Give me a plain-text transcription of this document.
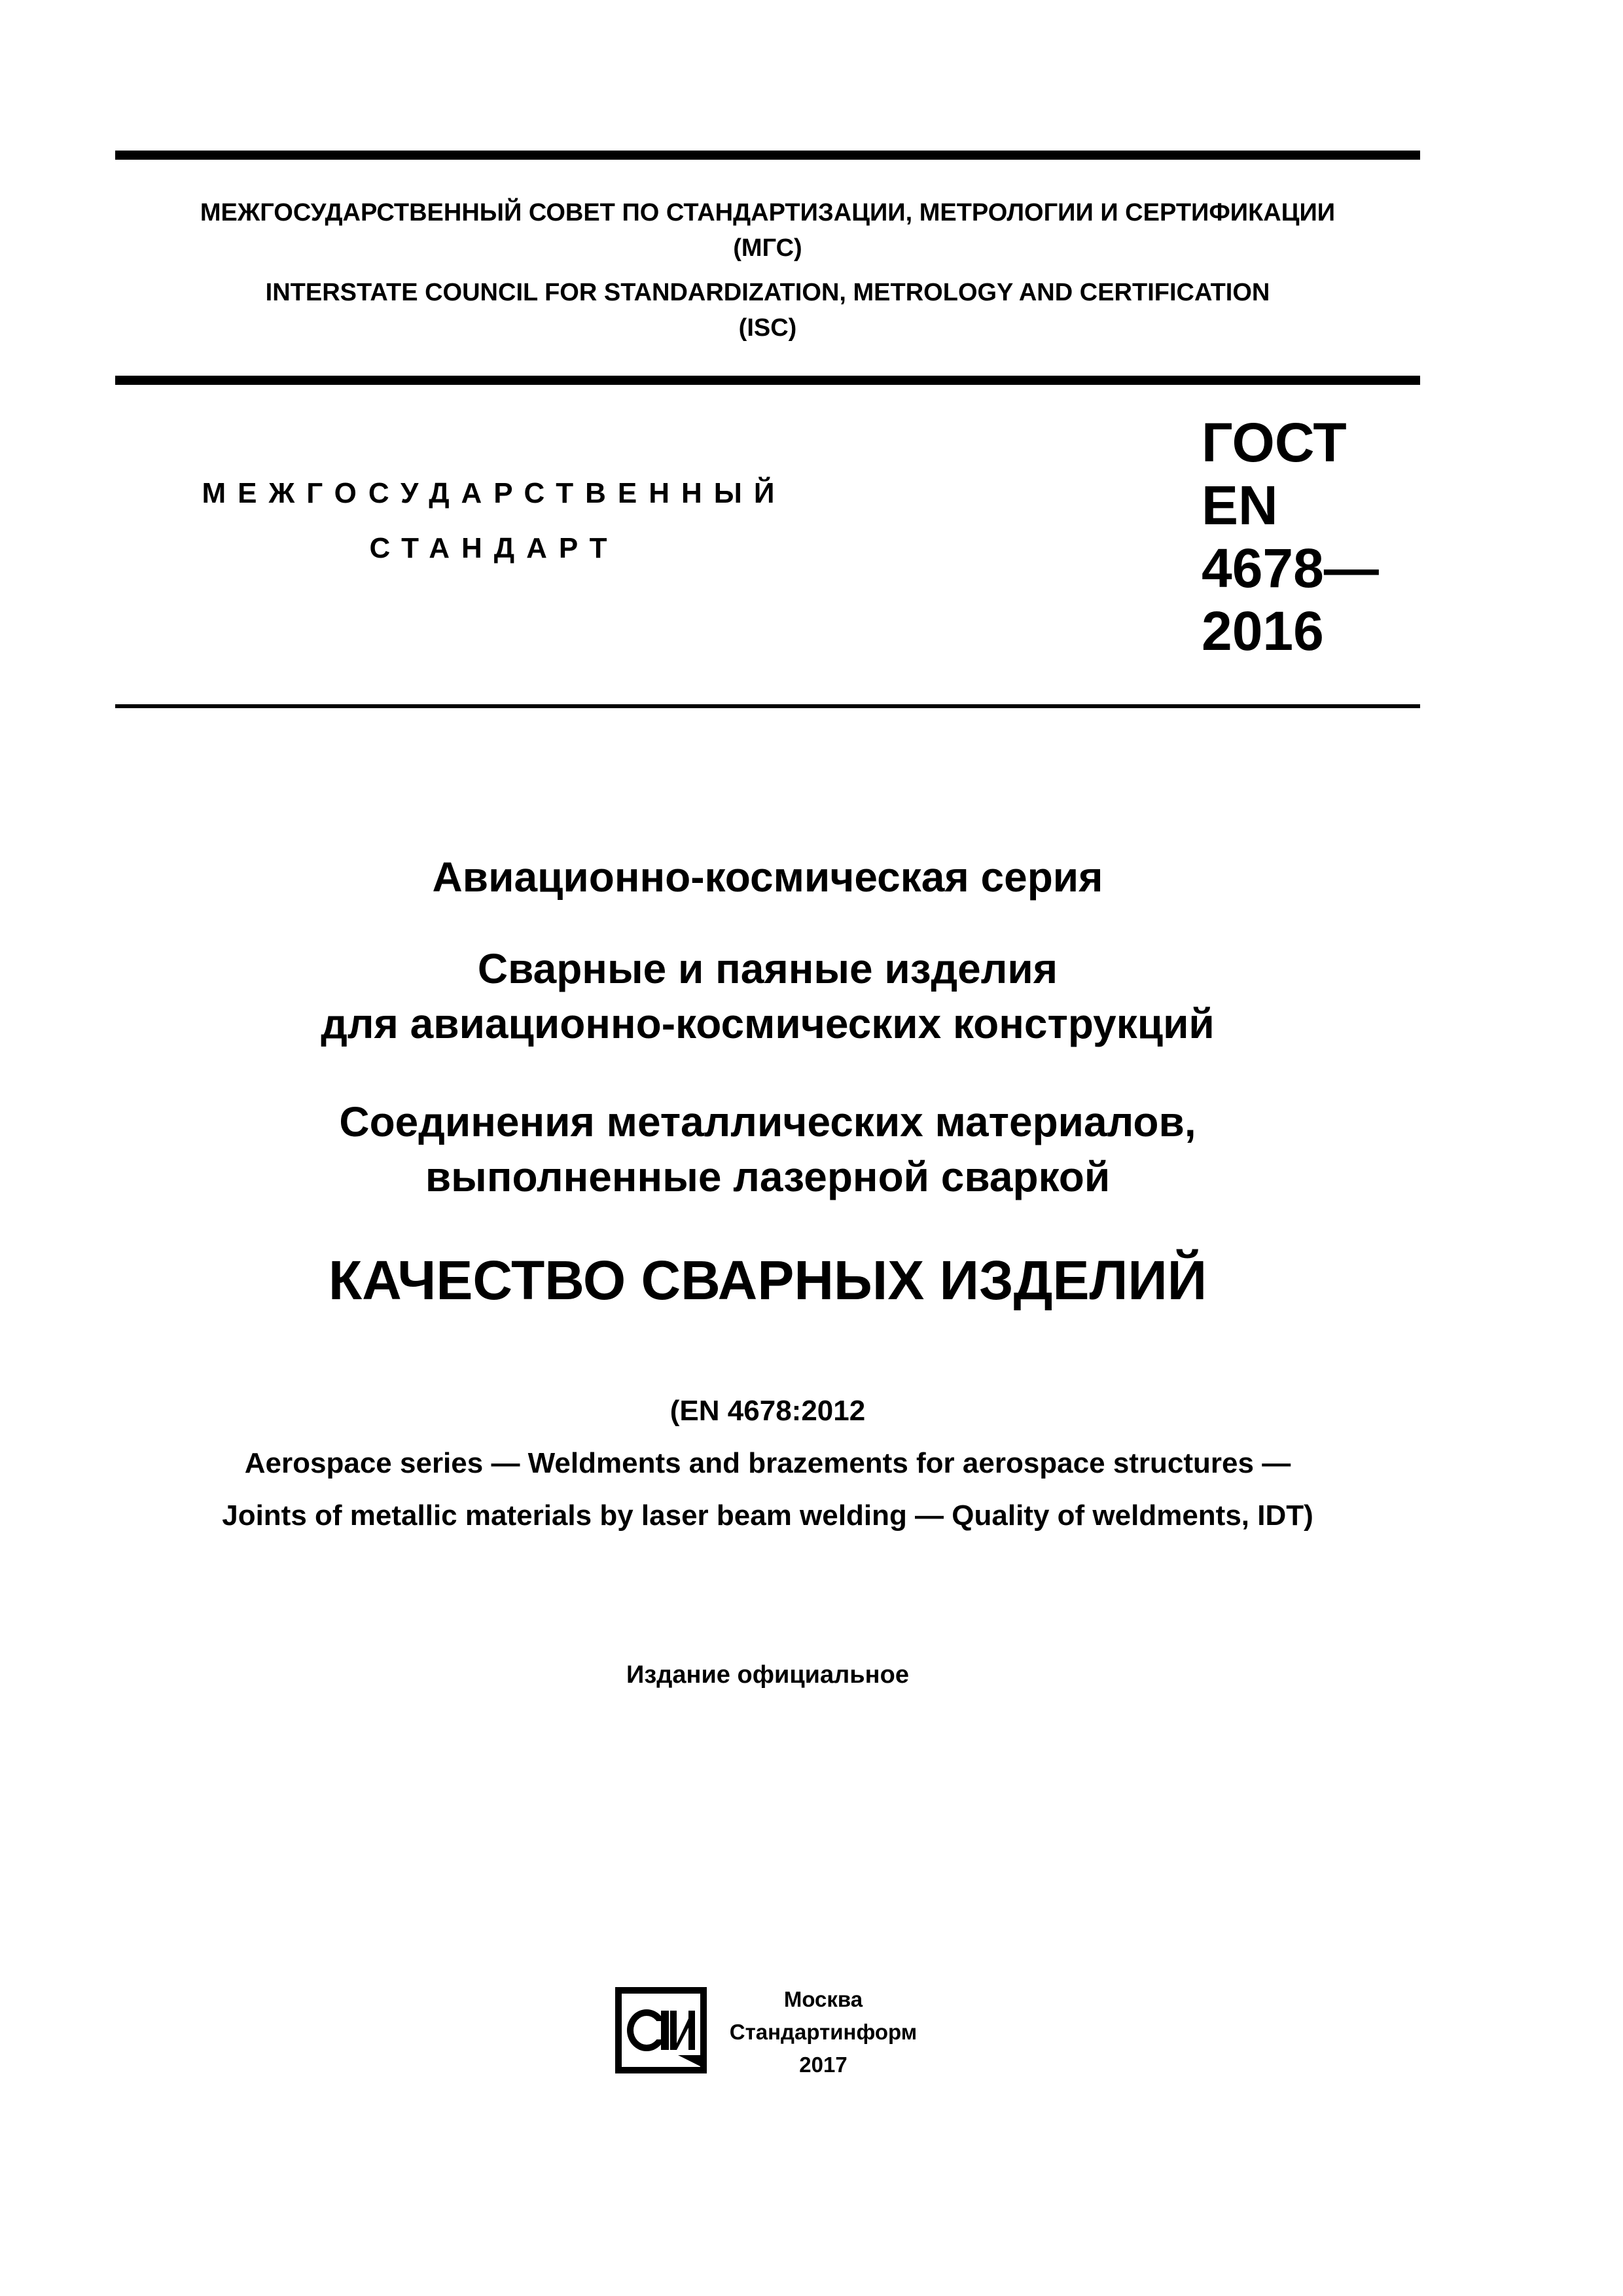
МЕЖГОСУДАРСТВЕННЫЙ СОВЕТ ПО СТАНДАРТИЗАЦИИ, МЕТРОЛОГИИ И СЕРТИФИКАЦИИ
(МГС)
INTERSTATE COUNCIL FOR STANDARDIZATION, METROLOGY AND CERTIFICATION
(ISC)
МЕЖГОСУДАРСТВЕННЫЙ
СТАНДАРТ
ГОСТ EN
4678—
2016
Авиационно-космическая серия
Сварные и паяные изделия
для авиационно-космических конструкций
Соединения металлических материалов,
выполненные лазерной сваркой
КАЧЕСТВО СВАРНЫХ ИЗДЕЛИЙ
(EN 4678:2012
Aerospace series — Weldments and brazements for aerospace structures —
Joints of metallic materials by laser beam welding — Quality of weldments, IDT)
Издание официальное
Москва
Стандартинформ
2017
